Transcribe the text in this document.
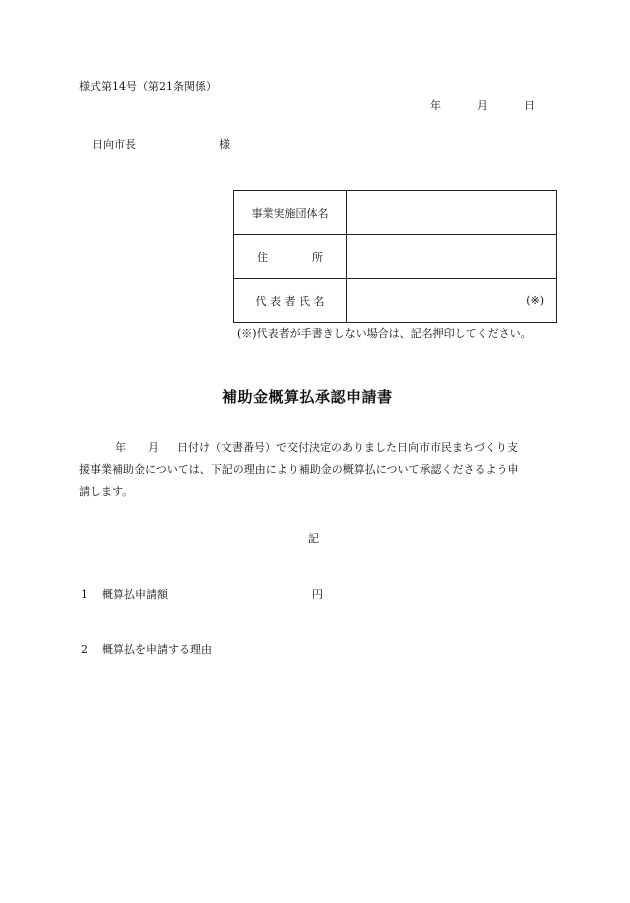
様式第14号（第21条関係）
年	月	日
日向市長	様
事業実施団体名	
住　　　　所	
代 表 者 氏 名	(※)
(※)代表者が手書きしない場合は、記名押印してください。
補助金概算払承認申請書

年 月 日付け（文書番号）で交付決定のありました日向市市民まちづくり支

援事業補助金については、下記の理由により補助金の概算払について承認くださるよう申

請します。

記
1 概算払申請額	円
2 概算払を申請する理由
